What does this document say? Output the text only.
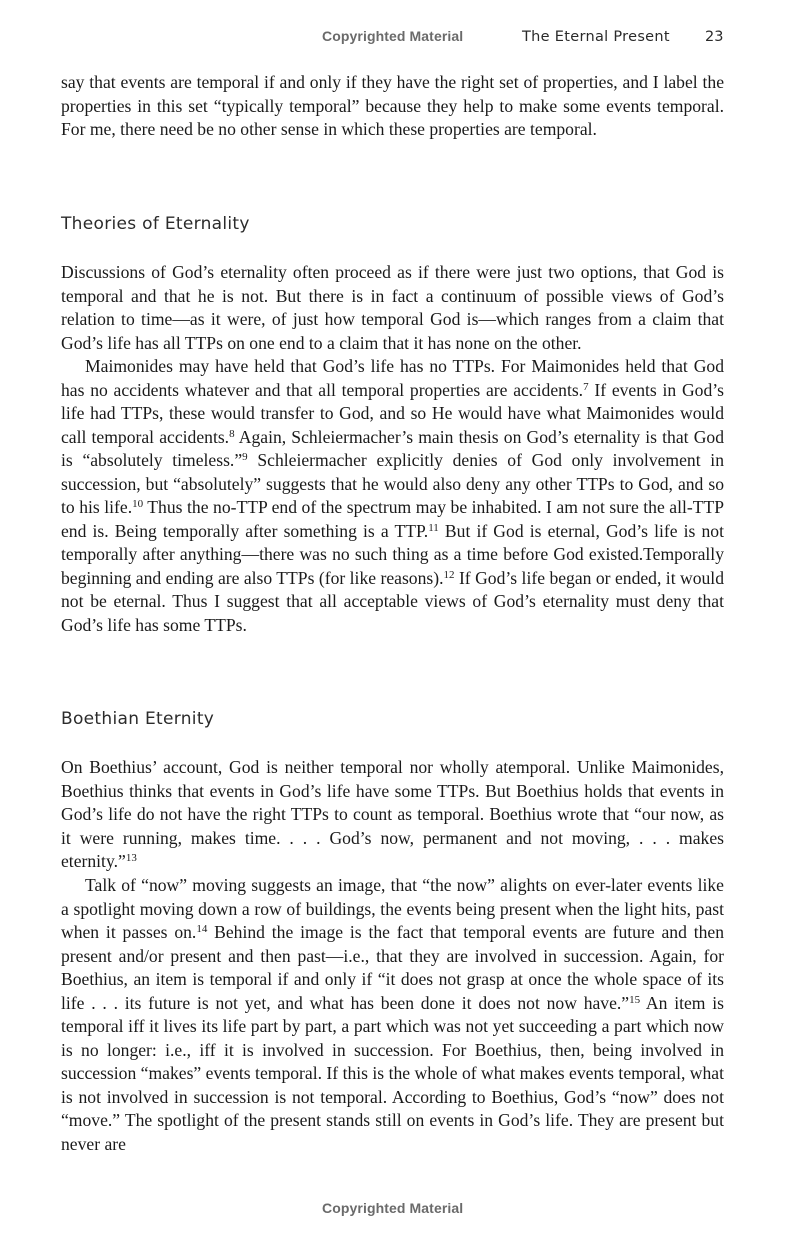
Copyrighted Material	The Eternal Present 23

say that events are temporal if and only if they have the right set of properties, and I label the properties in this set “typically temporal” because they help to make some events temporal. For me, there need be no other sense in which these properties are temporal.

Theories of Eternality

Discussions of God’s eternality often proceed as if there were just two options, that God is temporal and that he is not. But there is in fact a continuum of possible views of God’s relation to time—as it were, of just how temporal God is—which ranges from a claim that God’s life has all TTPs on one end to a claim that it has none on the other.

Maimonides may have held that God’s life has no TTPs. For Maimonides held that God has no accidents whatever and that all temporal properties are accidents.$^7$ If events in God’s life had TTPs, these would transfer to God, and so He would have what Maimonides would call temporal accidents.$^8$ Again, Schleiermacher’s main thesis on God’s eternality is that God is “absolutely timeless.”$^9$ Schleiermacher explicitly denies of God only involvement in succession, but “absolutely” suggests that he would also deny any other TTPs to God, and so to his life.$^{10}$ Thus the no-TTP end of the spectrum may be inhabited. I am not sure the all-TTP end is. Being temporally after something is a TTP.$^{11}$ But if God is eternal, God’s life is not temporally after anything—there was no such thing as a time before God existed.Temporally beginning and ending are also TTPs (for like reasons).$^{12}$ If God’s life began or ended, it would not be eternal. Thus I suggest that all acceptable views of God’s eternality must deny that God’s life has some TTPs.

Boethian Eternity

On Boethius’ account, God is neither temporal nor wholly atemporal. Unlike Maimonides, Boethius thinks that events in God’s life have some TTPs. But Boethius holds that events in God’s life do not have the right TTPs to count as temporal. Boethius wrote that “our now, as it were running, makes time. . . . God’s now, permanent and not moving, . . . makes eternity.”$^{13}$

Talk of “now” moving suggests an image, that “the now” alights on ever-later events like a spotlight moving down a row of buildings, the events being present when the light hits, past when it passes on.$^{14}$ Behind the image is the fact that temporal events are future and then present and/or present and then past—i.e., that they are involved in succession. Again, for Boethius, an item is temporal if and only if “it does not grasp at once the whole space of its life . . . its future is not yet, and what has been done it does not now have.”$^{15}$ An item is temporal iff it lives its life part by part, a part which was not yet succeeding a part which now is no longer: i.e., iff it is involved in succession. For Boethius, then, being involved in succession “makes” events temporal. If this is the whole of what makes events temporal, what is not involved in succession is not temporal. According to Boethius, God’s “now” does not “move.” The spotlight of the present stands still on events in God’s life. They are present but never are

Copyrighted Material
